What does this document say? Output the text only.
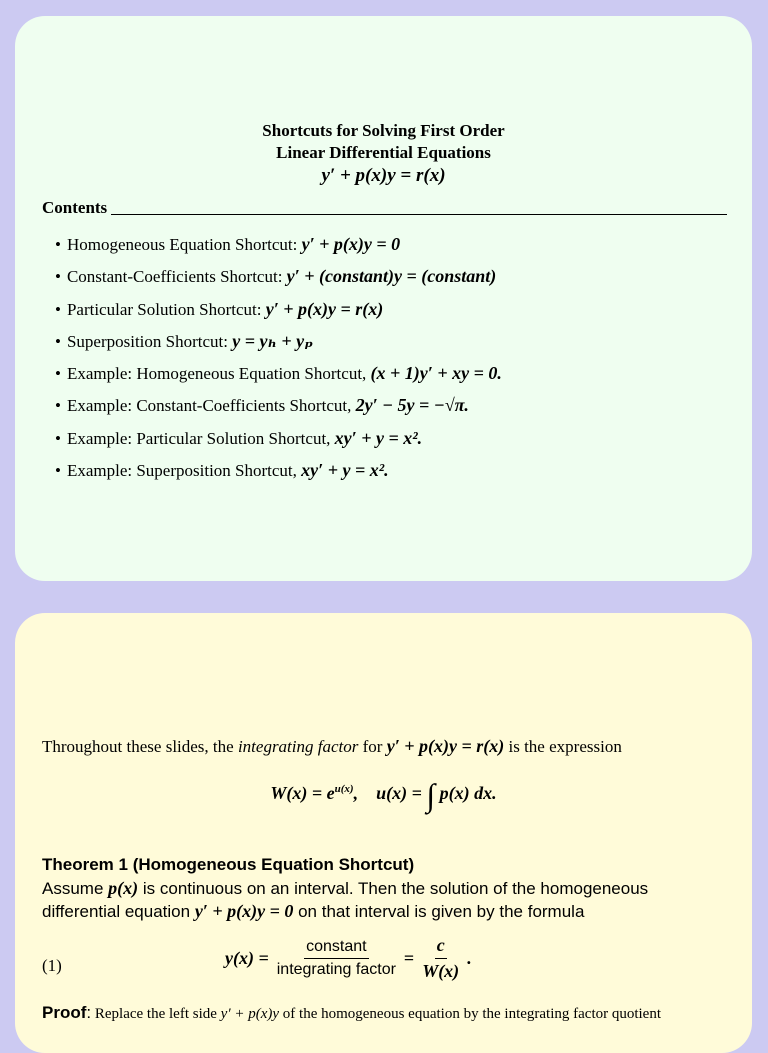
Shortcuts for Solving First Order
Linear Differential Equations
y′ + p(x)y = r(x)
Contents
• Homogeneous Equation Shortcut: y′ + p(x)y = 0
• Constant-Coefficients Shortcut: y′ + (constant)y = (constant)
• Particular Solution Shortcut: y′ + p(x)y = r(x)
• Superposition Shortcut: y = yₕ + yₚ
• Example: Homogeneous Equation Shortcut, (x + 1)y′ + xy = 0.
• Example: Constant-Coefficients Shortcut, 2y′ − 5y = −√π.
• Example: Particular Solution Shortcut, xy′ + y = x².
• Example: Superposition Shortcut, xy′ + y = x².
Throughout these slides, the integrating factor for y′ + p(x)y = r(x) is the expression
$W(x) = e^{u(x)}$,    u(x) = ∫ p(x) dx.
Theorem 1 (Homogeneous Equation Shortcut)
Assume p(x) is continuous on an interval. Then the solution of the homogeneous
differential equation y′ + p(x)y = 0 on that interval is given by the formula
(1)	$y(x) = \frac{\text{constant}}{\text{integrating factor}} = \frac{c}{W(x)}$ .
Proof: Replace the left side y′ + p(x)y of the homogeneous equation by the integrating factor quotient
